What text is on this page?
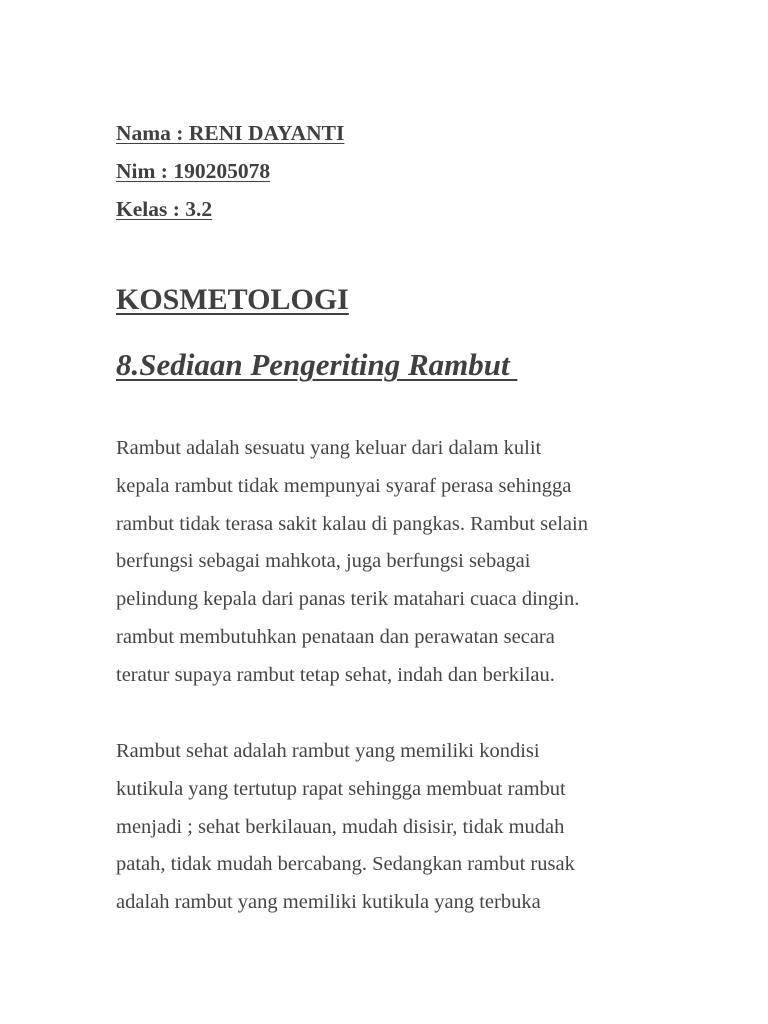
Nama : RENI DAYANTI
Nim : 190205078
Kelas : 3.2
KOSMETOLOGI
8.Sediaan Pengeriting Rambut
Rambut adalah sesuatu yang keluar dari dalam kulit
kepala rambut tidak mempunyai syaraf perasa sehingga
rambut tidak terasa sakit kalau di pangkas. Rambut selain
berfungsi sebagai mahkota, juga berfungsi sebagai
pelindung kepala dari panas terik matahari cuaca dingin.
rambut membutuhkan penataan dan perawatan secara
teratur supaya rambut tetap sehat, indah dan berkilau.
Rambut sehat adalah rambut yang memiliki kondisi
kutikula yang tertutup rapat sehingga membuat rambut
menjadi ; sehat berkilauan, mudah disisir, tidak mudah
patah, tidak mudah bercabang. Sedangkan rambut rusak
adalah rambut yang memiliki kutikula yang terbuka
